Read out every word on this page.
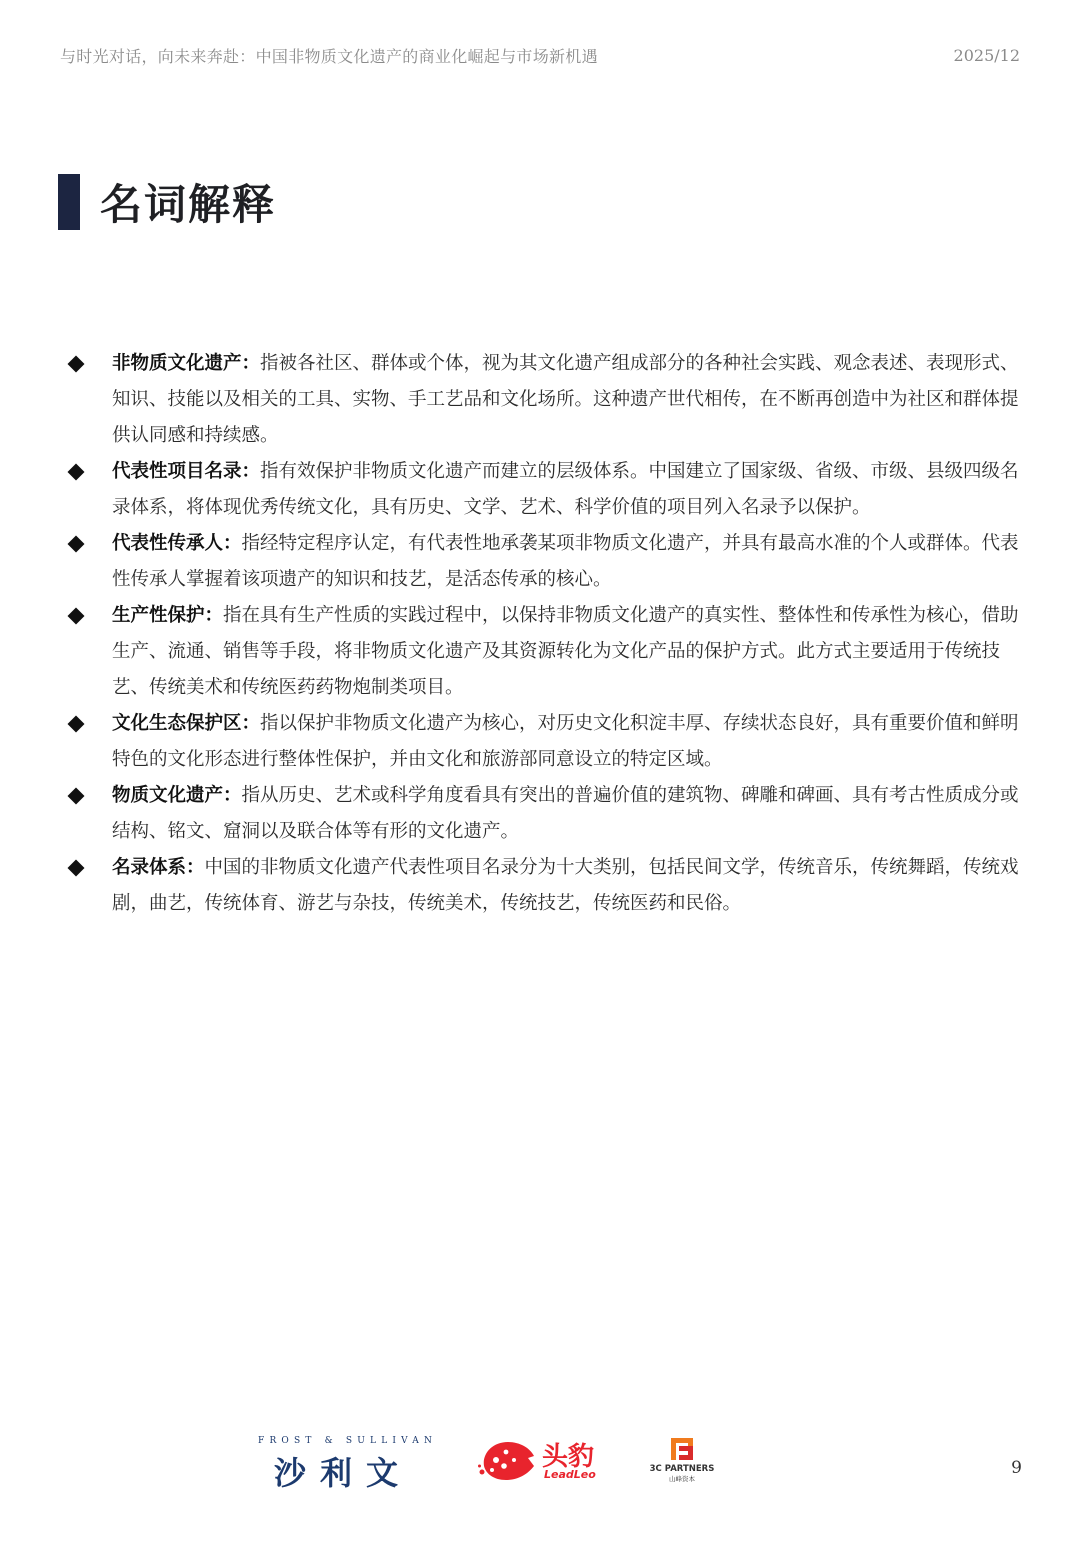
与时光对话，向未来奔赴：中国非物质文化遗产的商业化崛起与市场新机遇	2025/12
名词解释
非物质文化遗产：指被各社区、群体或个体，视为其文化遗产组成部分的各种社会实践、观念表述、表现形式、知识、技能以及相关的工具、实物、手工艺品和文化场所。这种遗产世代相传，在不断再创造中为社区和群体提供认同感和持续感。
代表性项目名录：指有效保护非物质文化遗产而建立的层级体系。中国建立了国家级、省级、市级、县级四级名录体系，将体现优秀传统文化，具有历史、文学、艺术、科学价值的项目列入名录予以保护。
代表性传承人：指经特定程序认定，有代表性地承袭某项非物质文化遗产，并具有最高水准的个人或群体。代表性传承人掌握着该项遗产的知识和技艺，是活态传承的核心。
生产性保护：指在具有生产性质的实践过程中，以保持非物质文化遗产的真实性、整体性和传承性为核心，借助生产、流通、销售等手段，将非物质文化遗产及其资源转化为文化产品的保护方式。此方式主要适用于传统技艺、传统美术和传统医药药物炮制类项目。
文化生态保护区：指以保护非物质文化遗产为核心，对历史文化积淀丰厚、存续状态良好，具有重要价值和鲜明特色的文化形态进行整体性保护，并由文化和旅游部同意设立的特定区域。
物质文化遗产：指从历史、艺术或科学角度看具有突出的普遍价值的建筑物、碑雕和碑画、具有考古性质成分或结构、铭文、窟洞以及联合体等有形的文化遗产。
名录体系：中国的非物质文化遗产代表性项目名录分为十大类别，包括民间文学，传统音乐，传统舞蹈，传统戏剧，曲艺，传统体育、游艺与杂技，传统美术，传统技艺，传统医药和民俗。
FROST & SULLIVAN
沙利文	头豹
LeadLeo	3C PARTNERS
山峰资本
9
